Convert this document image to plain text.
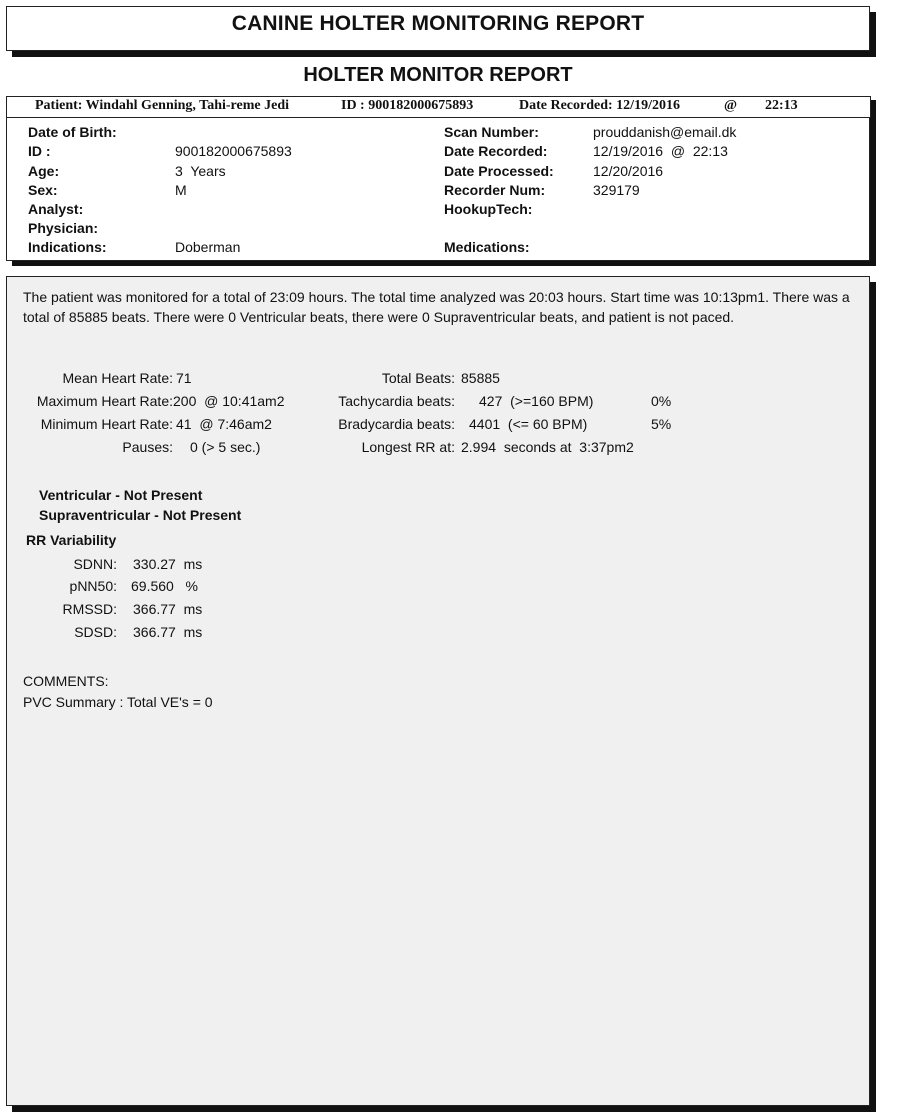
CANINE HOLTER MONITORING REPORT
HOLTER MONITOR REPORT
Patient: Windahl Genning, Tahi-reme Jedi	ID : 900182000675893	Date Recorded: 12/19/2016	@ 22:13
Date of Birth:
ID :	900182000675893
Age:	3  Years
Sex:	M
Analyst:
Physician:
Indications:	Doberman
Scan Number:	prouddanish@email.dk
Date Recorded:	12/19/2016  @  22:13
Date Processed:	12/20/2016
Recorder Num:	329179
HookupTech:
Medications:
The patient was monitored for a total of 23:09 hours. The total time analyzed was 20:03 hours. Start time was 10:13pm1. There was a total of 85885 beats. There were 0 Ventricular beats, there were 0 Supraventricular beats, and patient is not paced.
Mean Heart Rate: 71
Maximum Heart Rate: 200  @ 10:41am2
Minimum Heart Rate: 41  @ 7:46am2
Pauses: 0 (> 5 sec.)
Total Beats: 85885
Tachycardia beats: 427  (>=160 BPM)	0%
Bradycardia beats: 4401  (<= 60 BPM)	5%
Longest RR at: 2.994  seconds at  3:37pm2
Ventricular - Not Present
Supraventricular - Not Present
RR Variability
SDNN: 330.27  ms
pNN50: 69.560   %
RMSSD: 366.77  ms
SDSD: 366.77  ms
COMMENTS:
PVC Summary : Total VE's = 0
